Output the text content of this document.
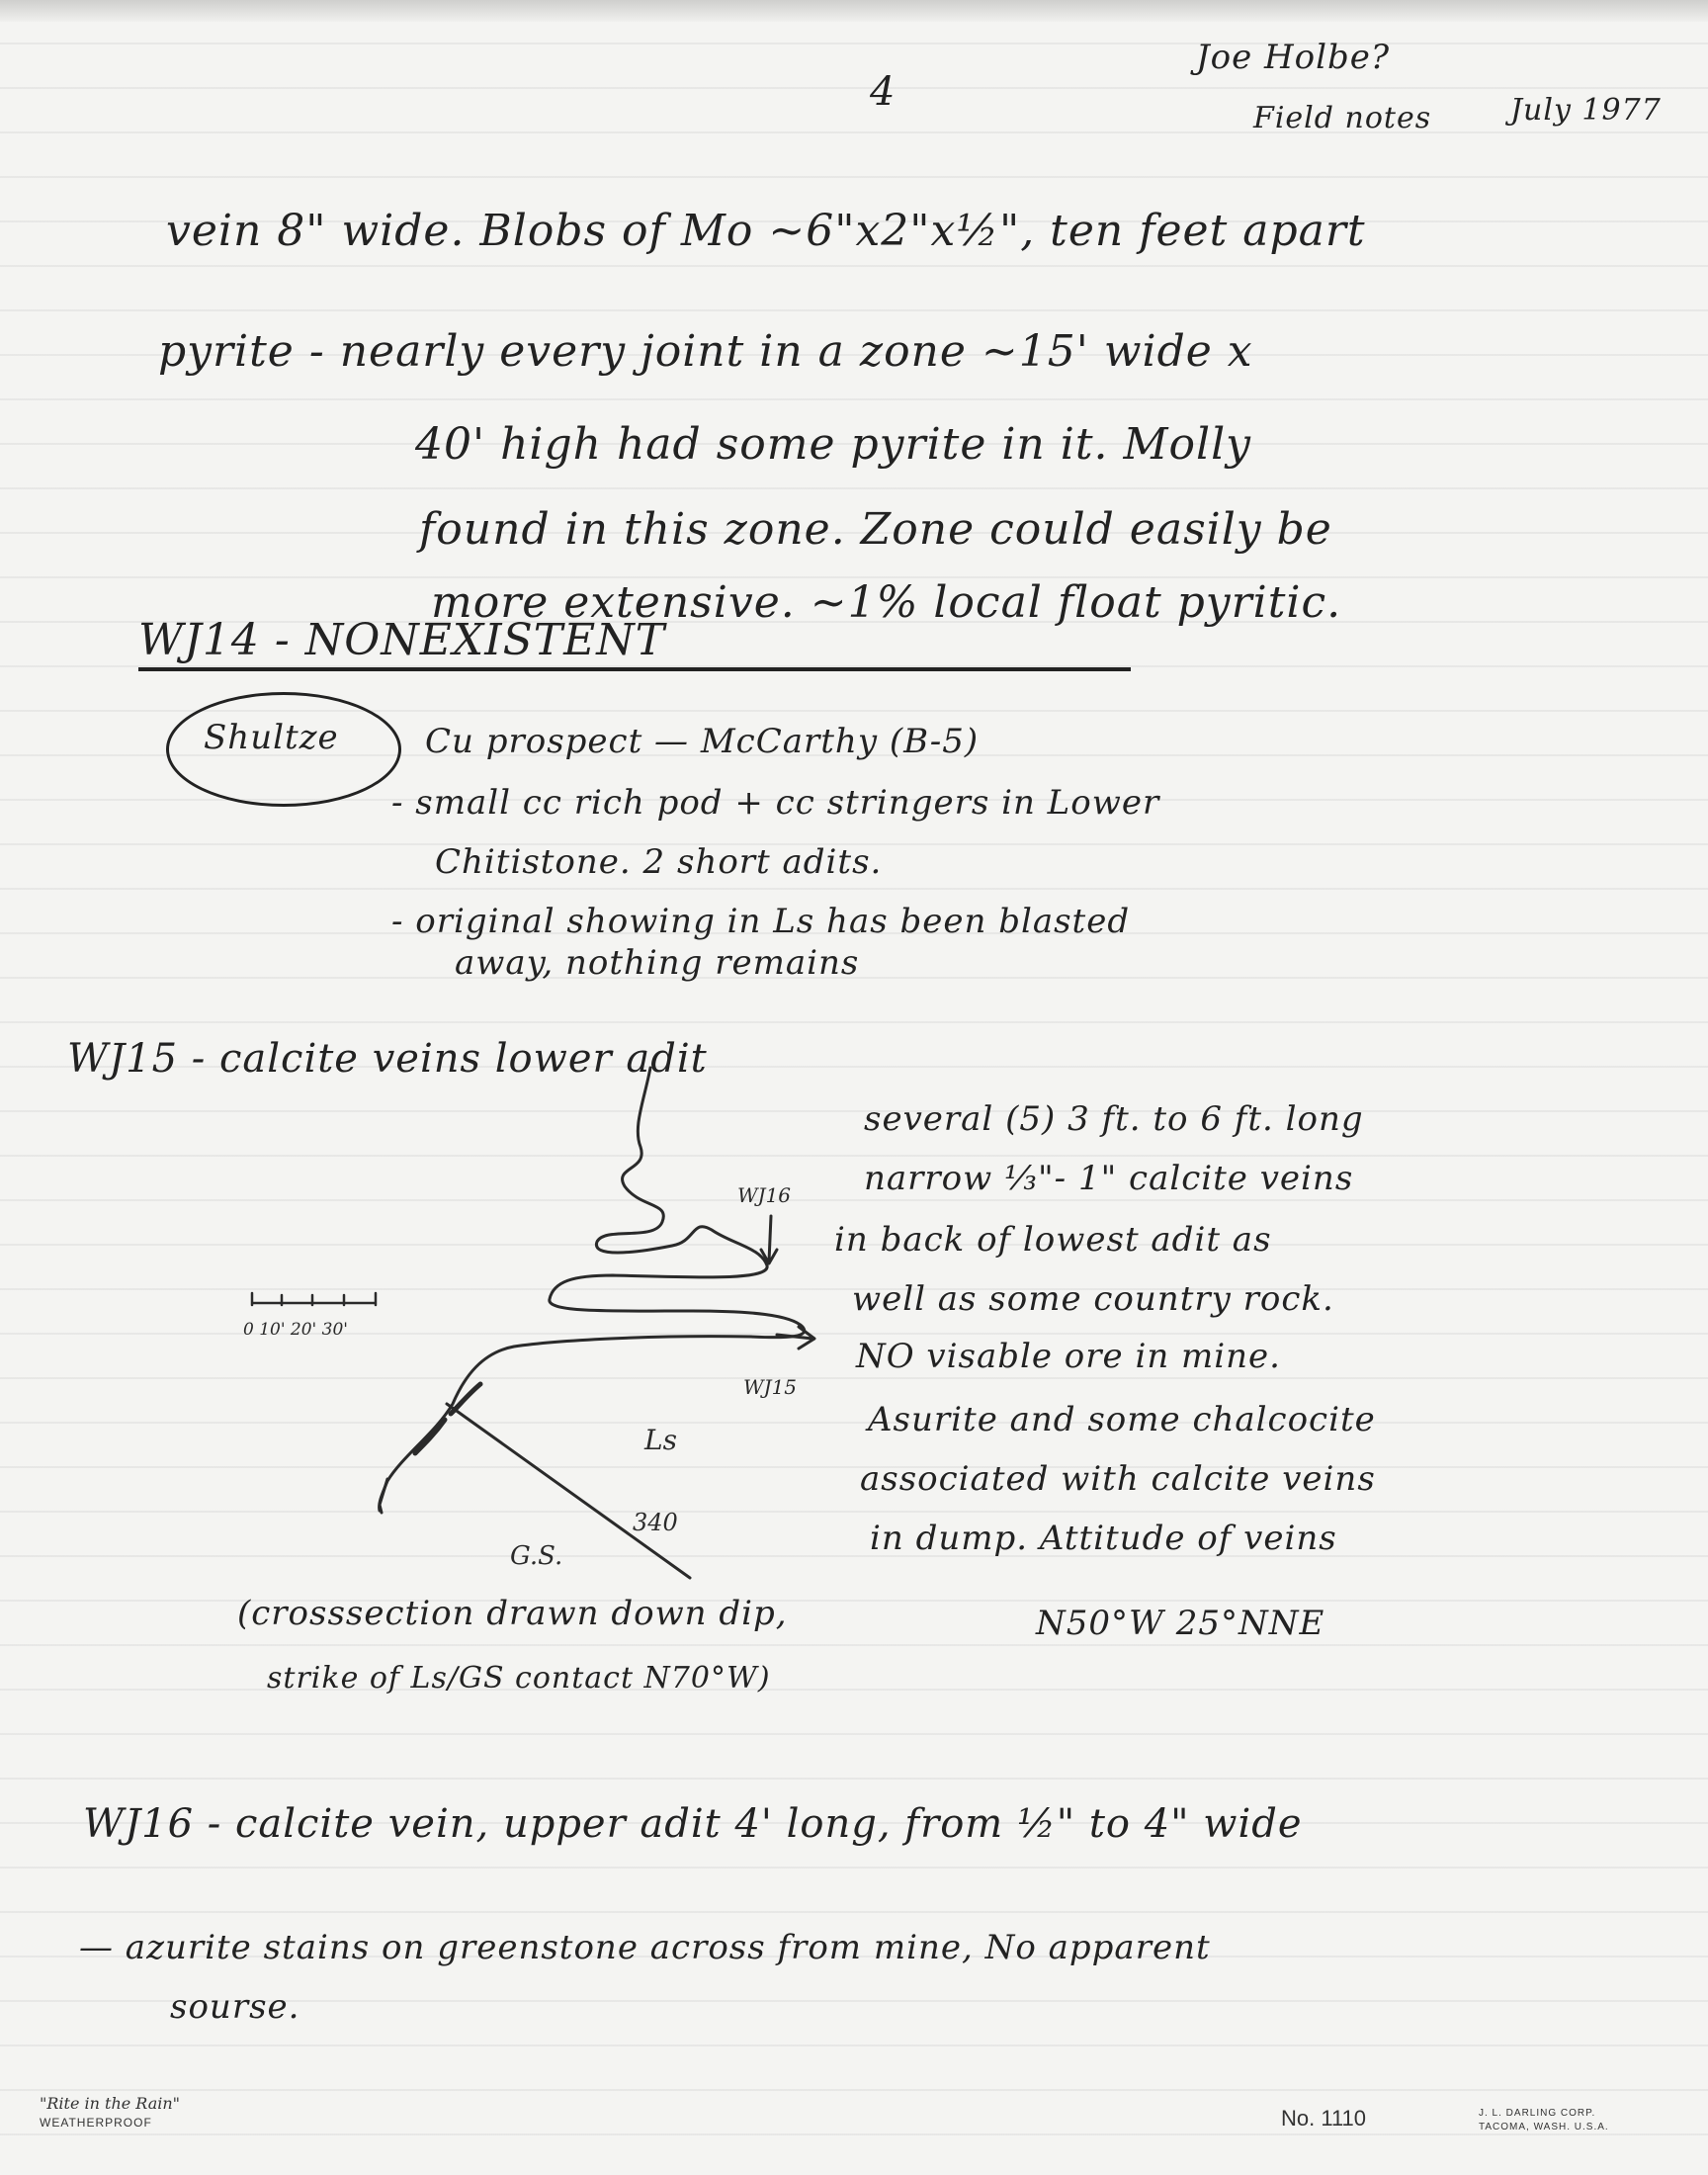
4
Joe Holbe?
Field notes	July 1977
vein 8" wide. Blobs of Mo ~6"x2"x½", ten feet apart
pyrite - nearly every joint in a zone ~15' wide x
40' high had some pyrite in it. Molly
found in this zone. Zone could easily be
more extensive. ~1% local float pyritic.
WJ14 - NONEXISTENT
Shultze	Cu prospect — McCarthy (B-5)
- small cc rich pod + cc stringers in Lower
Chitistone. 2 short adits.
- original showing in Ls has been blasted
away, nothing remains
WJ15 - calcite veins lower adit
several (5) 3 ft. to 6 ft. long
narrow ⅓"- 1" calcite veins
in back of lowest adit as
well as some country rock.
NO visable ore in mine.
Asurite and some chalcocite
associated with calcite veins
in dump. Attitude of veins
N50°W 25°NNE
WJ16
WJ15
Ls
G.S.
340
0 10' 20' 30'
(crosssection drawn down dip,
strike of Ls/GS contact N70°W)
WJ16 - calcite vein, upper adit 4' long, from ½" to 4" wide
— azurite stains on greenstone across from mine, No apparent
sourse.
"Rite in the Rain"
WEATHERPROOF	No. 1110	J. L. DARLING CORP.
TACOMA, WASH. U.S.A.
